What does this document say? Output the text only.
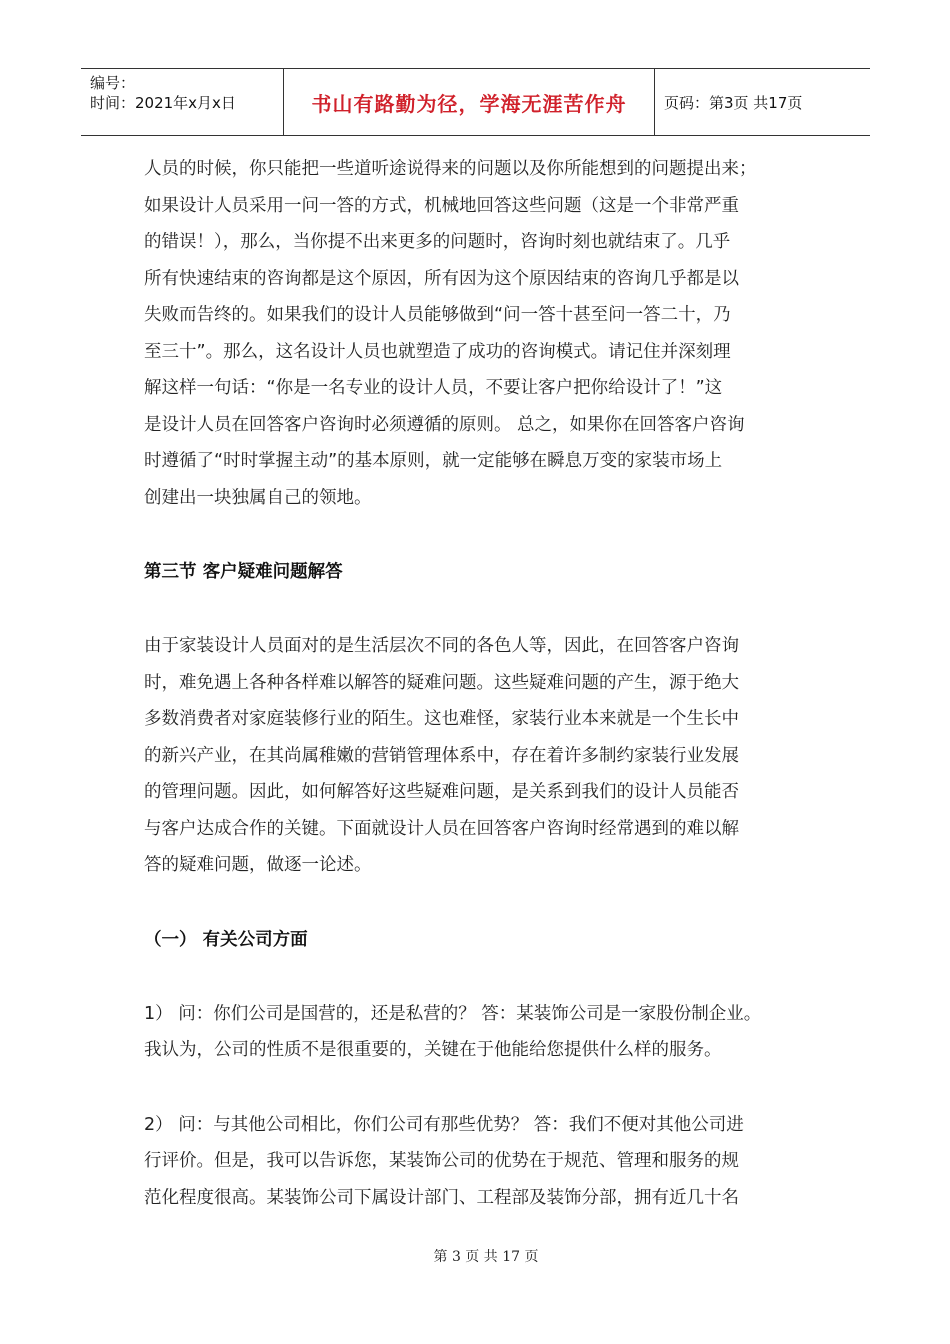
编号：
时间：2021年x月x日	书山有路勤为径，学海无涯苦作舟	页码：第3页 共17页

人员的时候，你只能把一些道听途说得来的问题以及你所能想到的问题提出来；

如果设计人员采用一问一答的方式，机械地回答这些问题（这是一个非常严重

的错误！），那么，当你提不出来更多的问题时，咨询时刻也就结束了。几乎

所有快速结束的咨询都是这个原因，所有因为这个原因结束的咨询几乎都是以

失败而告终的。如果我们的设计人员能够做到“问一答十甚至问一答二十，乃

至三十”。那么，这名设计人员也就塑造了成功的咨询模式。请记住并深刻理

解这样一句话：“你是一名专业的设计人员，不要让客户把你给设计了！”这

是设计人员在回答客户咨询时必须遵循的原则。 总之，如果你在回答客户咨询

时遵循了“时时掌握主动”的基本原则，就一定能够在瞬息万变的家装市场上

创建出一块独属自己的领地。

第三节 客户疑难问题解答

由于家装设计人员面对的是生活层次不同的各色人等，因此，在回答客户咨询

时，难免遇上各种各样难以解答的疑难问题。这些疑难问题的产生，源于绝大

多数消费者对家庭装修行业的陌生。这也难怪，家装行业本来就是一个生长中

的新兴产业，在其尚属稚嫩的营销管理体系中，存在着许多制约家装行业发展

的管理问题。因此，如何解答好这些疑难问题，是关系到我们的设计人员能否

与客户达成合作的关键。下面就设计人员在回答客户咨询时经常遇到的难以解

答的疑难问题，做逐一论述。

（一） 有关公司方面

1） 问：你们公司是国营的，还是私营的？ 答：某装饰公司是一家股份制企业。

我认为，公司的性质不是很重要的，关键在于他能给您提供什么样的服务。

2） 问：与其他公司相比，你们公司有那些优势？ 答：我们不便对其他公司进

行评价。但是，我可以告诉您，某装饰公司的优势在于规范、管理和服务的规

范化程度很高。某装饰公司下属设计部门、工程部及装饰分部，拥有近几十名

第 3 页 共 17 页
